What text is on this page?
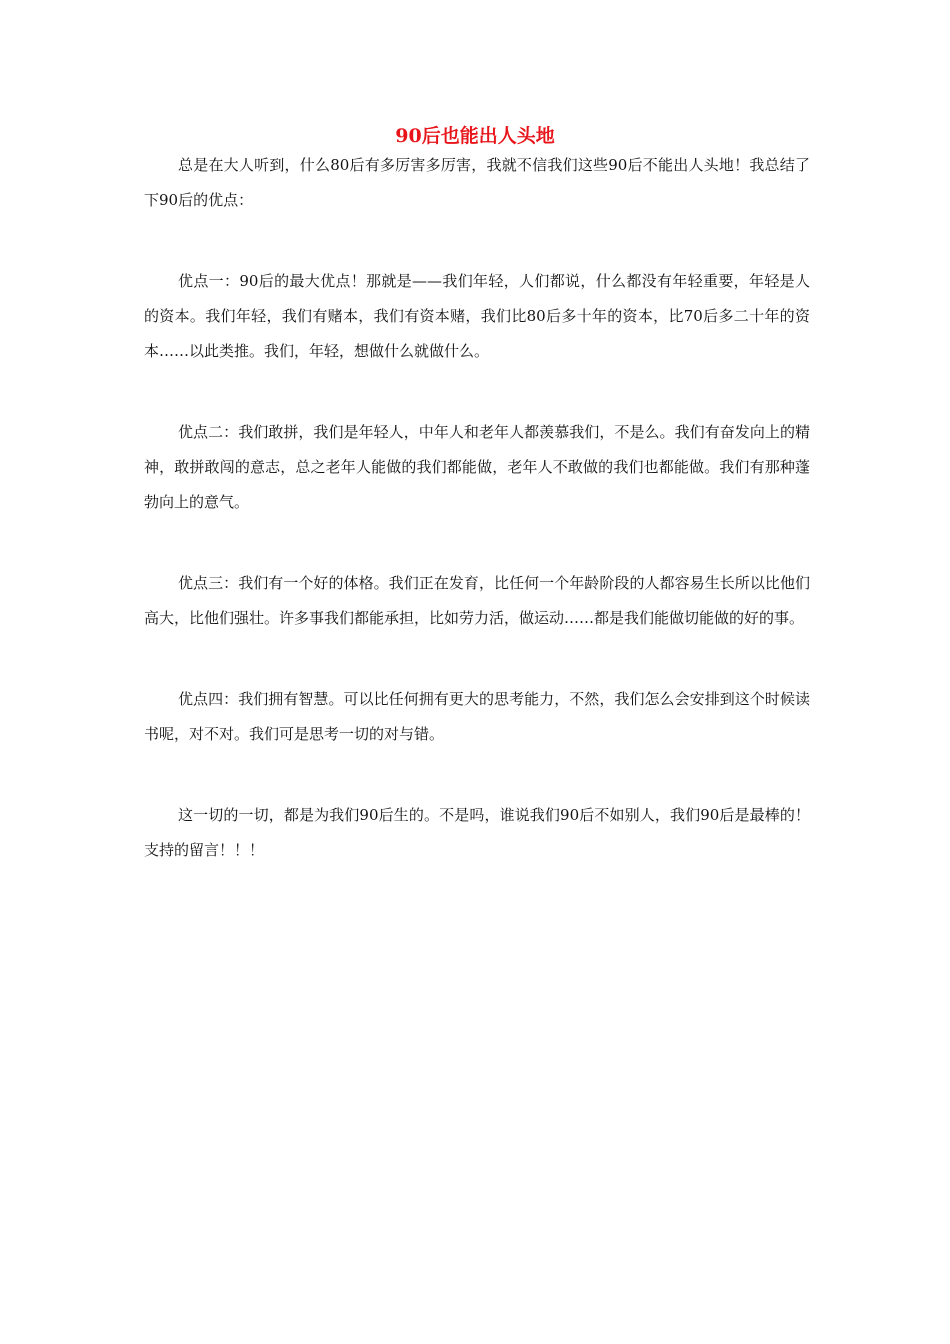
90后也能出人头地

总是在大人听到，什么80后有多厉害多厉害，我就不信我们这些90后不能出人头地！我总结了下90后的优点：

优点一：90后的最大优点！那就是——我们年轻，人们都说，什么都没有年轻重要，年轻是人的资本。我们年轻，我们有赌本，我们有资本赌，我们比80后多十年的资本，比70后多二十年的资本……以此类推。我们，年轻，想做什么就做什么。

优点二：我们敢拼，我们是年轻人，中年人和老年人都羡慕我们，不是么。我们有奋发向上的精神，敢拼敢闯的意志，总之老年人能做的我们都能做，老年人不敢做的我们也都能做。我们有那种蓬勃向上的意气。

优点三：我们有一个好的体格。我们正在发育，比任何一个年龄阶段的人都容易生长所以比他们高大，比他们强壮。许多事我们都能承担，比如劳力活，做运动……都是我们能做切能做的好的事。

优点四：我们拥有智慧。可以比任何拥有更大的思考能力，不然，我们怎么会安排到这个时候读书呢，对不对。我们可是思考一切的对与错。

这一切的一切，都是为我们90后生的。不是吗，谁说我们90后不如别人，我们90后是最棒的！支持的留言！！！
